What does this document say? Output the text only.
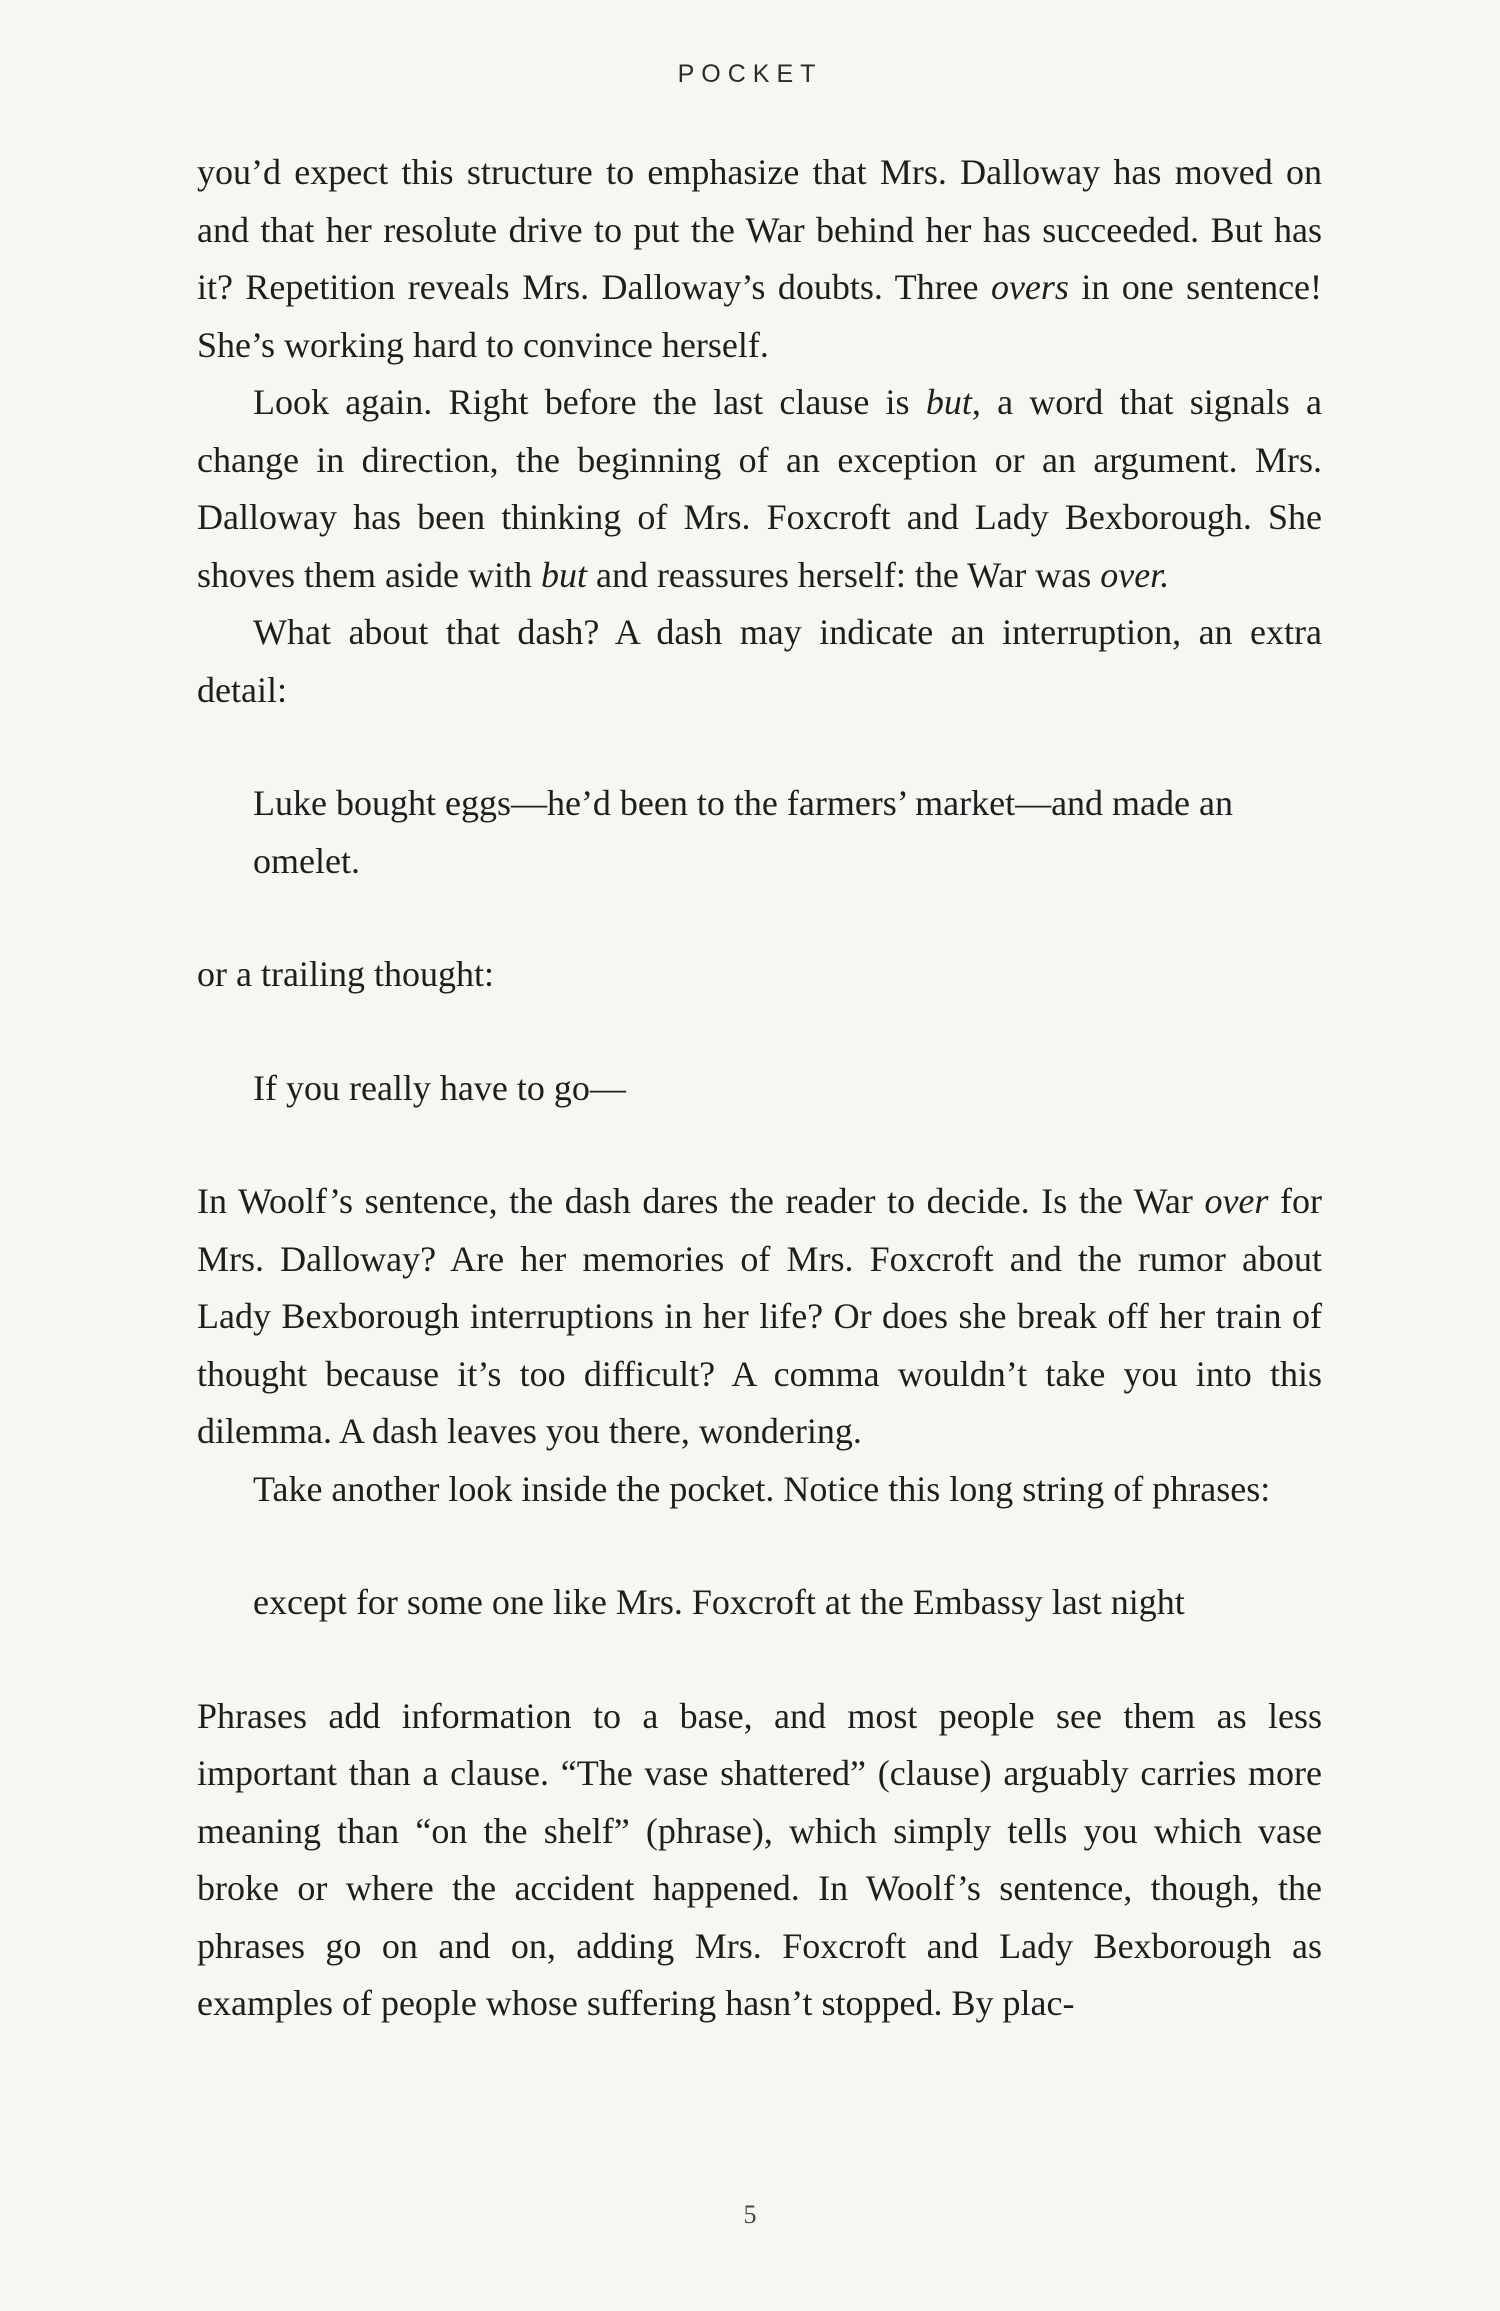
POCKET

you’d expect this structure to emphasize that Mrs. Dalloway has moved on and that her resolute drive to put the War behind her has succeeded. But has it? Repetition reveals Mrs. Dalloway’s doubts. Three overs in one sentence! She’s working hard to convince herself.

Look again. Right before the last clause is but, a word that signals a change in direction, the beginning of an exception or an argument. Mrs. Dalloway has been thinking of Mrs. Foxcroft and Lady Bexborough. She shoves them aside with but and reassures herself: the War was over.

What about that dash? A dash may indicate an interruption, an extra detail:

Luke bought eggs—he’d been to the farmers’ market—and made an omelet.

or a trailing thought:

If you really have to go—

In Woolf’s sentence, the dash dares the reader to decide. Is the War over for Mrs. Dalloway? Are her memories of Mrs. Foxcroft and the rumor about Lady Bexborough interruptions in her life? Or does she break off her train of thought because it’s too difficult? A comma wouldn’t take you into this dilemma. A dash leaves you there, wondering.

Take another look inside the pocket. Notice this long string of phrases:

except for some one like Mrs. Foxcroft at the Embassy last night

Phrases add information to a base, and most people see them as less important than a clause. “The vase shattered” (clause) arguably carries more meaning than “on the shelf” (phrase), which simply tells you which vase broke or where the accident happened. In Woolf’s sentence, though, the phrases go on and on, adding Mrs. Foxcroft and Lady Bexborough as examples of people whose suffering hasn’t stopped. By plac-

5
